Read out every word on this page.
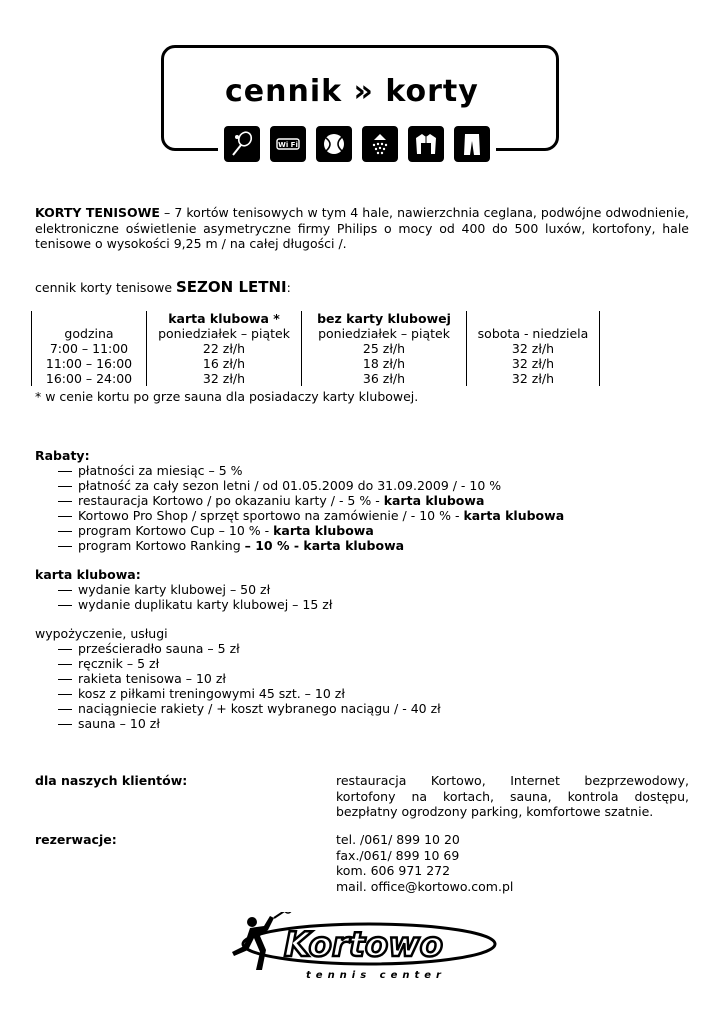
cennik » korty
Wi Fi
KORTY TENISOWE – 7 kortów tenisowych w tym 4 hale, nawierzchnia ceglana, podwójne odwodnienie, elektroniczne oświetlenie asymetryczne firmy Philips o mocy od 400 do 500 luxów, kortofony, hale tenisowe o wysokości 9,25 m / na całej długości /.
cennik korty tenisowe SEZON LETNI:
	karta klubowa *	bez karty klubowej	
godzina	poniedziałek – piątek	poniedziałek – piątek	sobota - niedziela
7:00 – 11:00	22 zł/h	25 zł/h	32 zł/h
11:00 – 16:00	16 zł/h	18 zł/h	32 zł/h
16:00 – 24:00	32 zł/h	36 zł/h	32 zł/h
* w cenie kortu po grze sauna dla posiadaczy karty klubowej.
Rabaty:
płatności za miesiąc – 5 %
płatność za cały sezon letni / od 01.05.2009 do 31.09.2009 / - 10 %
restauracja Kortowo / po okazaniu karty / - 5 % - karta klubowa
Kortowo Pro Shop / sprzęt sportowo na zamówienie / - 10 % - karta klubowa
program Kortowo Cup – 10 % - karta klubowa
program Kortowo Ranking – 10 % - karta klubowa
karta klubowa:
wydanie karty klubowej – 50 zł
wydanie duplikatu karty klubowej – 15 zł
wypożyczenie, usługi
prześcieradło sauna – 5 zł
ręcznik – 5 zł
rakieta tenisowa – 10 zł
kosz z piłkami treningowymi 45 szt. – 10 zł
naciągniecie rakiety / + koszt wybranego naciągu / - 40 zł
sauna – 10 zł
dla naszych klientów:	restauracja Kortowo, Internet bezprzewodowy, kortofony na kortach, sauna, kontrola dostępu, bezpłatny ogrodzony parking, komfortowe szatnie.
rezerwacje:	tel. /061/ 899 10 20
fax./061/ 899 10 69
kom. 606 971 272
mail. office@kortowo.com.pl
Kortowo
tennis center
